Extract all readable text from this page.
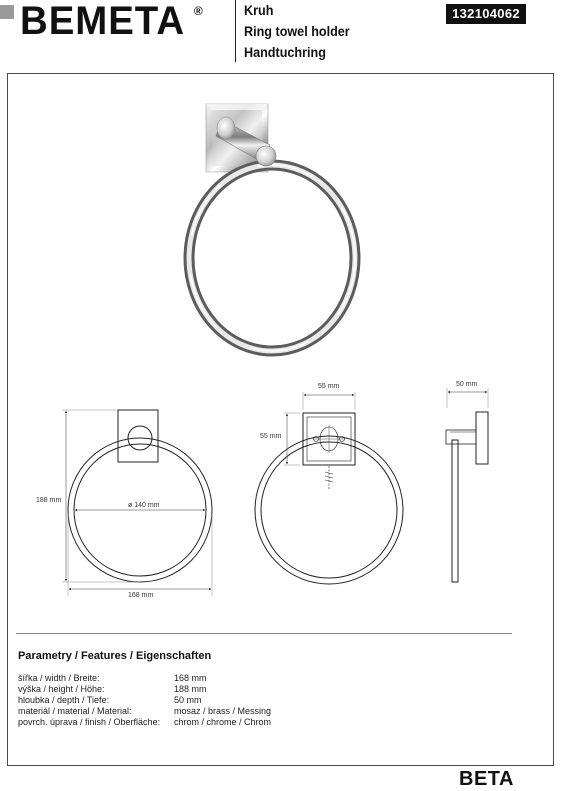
BEMETA ®	Kruh
Ring towel holder
Handtuchring
132104062
188 mm
ø 140 mm
168 mm
55 mm
55 mm
50 mm
Parametry / Features / Eigenschaften
šířka / width / Breite:	168 mm
výška / height / Höhe:	188 mm
hloubka / depth / Tiefe:	50 mm
materiál / material / Material:	mosaz / brass / Messing
povrch. úprava / finish / Oberfläche:	chrom / chrome / Chrom
BETA
